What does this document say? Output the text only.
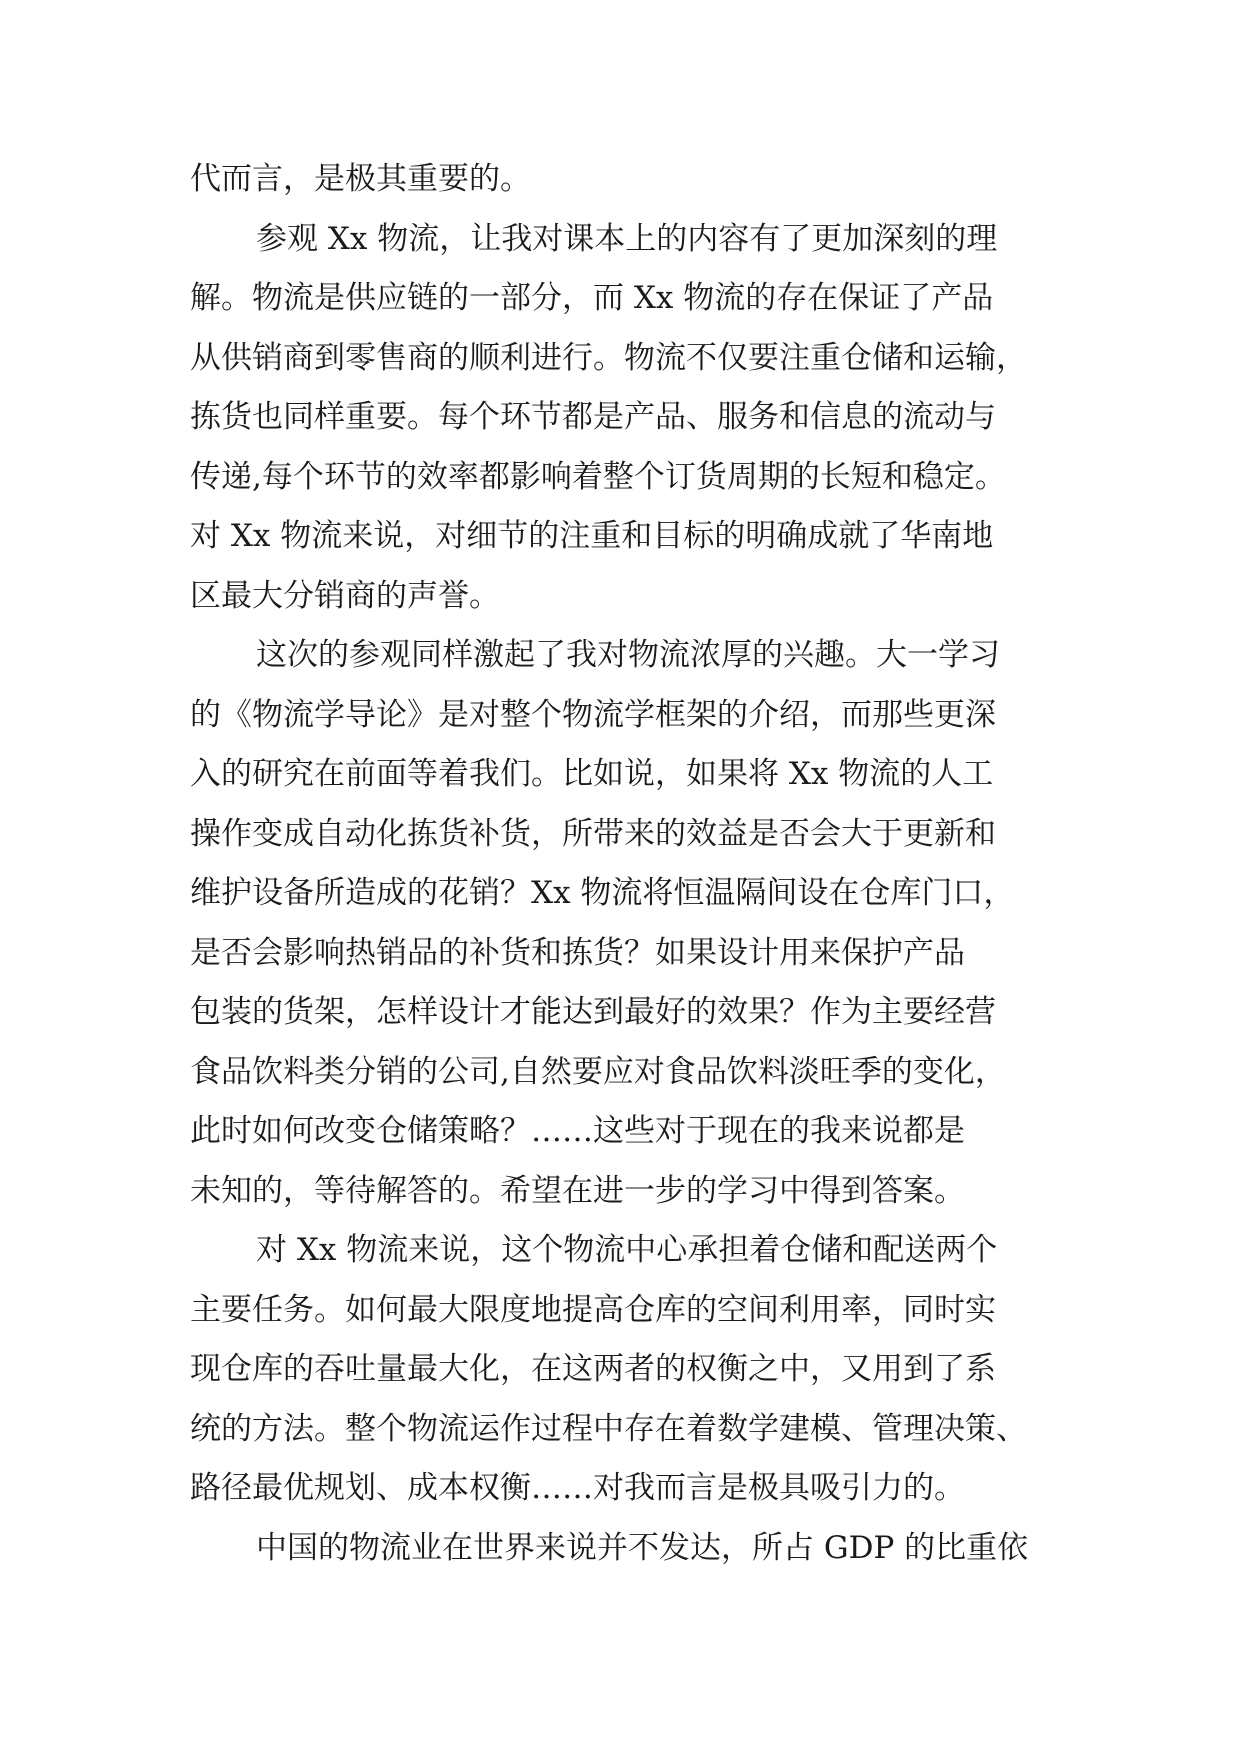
代而言，是极其重要的。
参观 Xx 物流，让我对课本上的内容有了更加深刻的理
解。物流是供应链的一部分，而 Xx 物流的存在保证了产品
从供销商到零售商的顺利进行。物流不仅要注重仓储和运输，
拣货也同样重要。每个环节都是产品、服务和信息的流动与
传递,每个环节的效率都影响着整个订货周期的长短和稳定。
对 Xx 物流来说，对细节的注重和目标的明确成就了华南地
区最大分销商的声誉。
这次的参观同样激起了我对物流浓厚的兴趣。大一学习
的《物流学导论》是对整个物流学框架的介绍，而那些更深
入的研究在前面等着我们。比如说，如果将 Xx 物流的人工
操作变成自动化拣货补货，所带来的效益是否会大于更新和
维护设备所造成的花销？Xx 物流将恒温隔间设在仓库门口，
是否会影响热销品的补货和拣货？如果设计用来保护产品
包装的货架，怎样设计才能达到最好的效果？作为主要经营
食品饮料类分销的公司,自然要应对食品饮料淡旺季的变化，
此时如何改变仓储策略？……这些对于现在的我来说都是
未知的，等待解答的。希望在进一步的学习中得到答案。
对 Xx 物流来说，这个物流中心承担着仓储和配送两个
主要任务。如何最大限度地提高仓库的空间利用率，同时实
现仓库的吞吐量最大化，在这两者的权衡之中，又用到了系
统的方法。整个物流运作过程中存在着数学建模、管理决策、
路径最优规划、成本权衡……对我而言是极具吸引力的。
中国的物流业在世界来说并不发达，所占 GDP 的比重依
